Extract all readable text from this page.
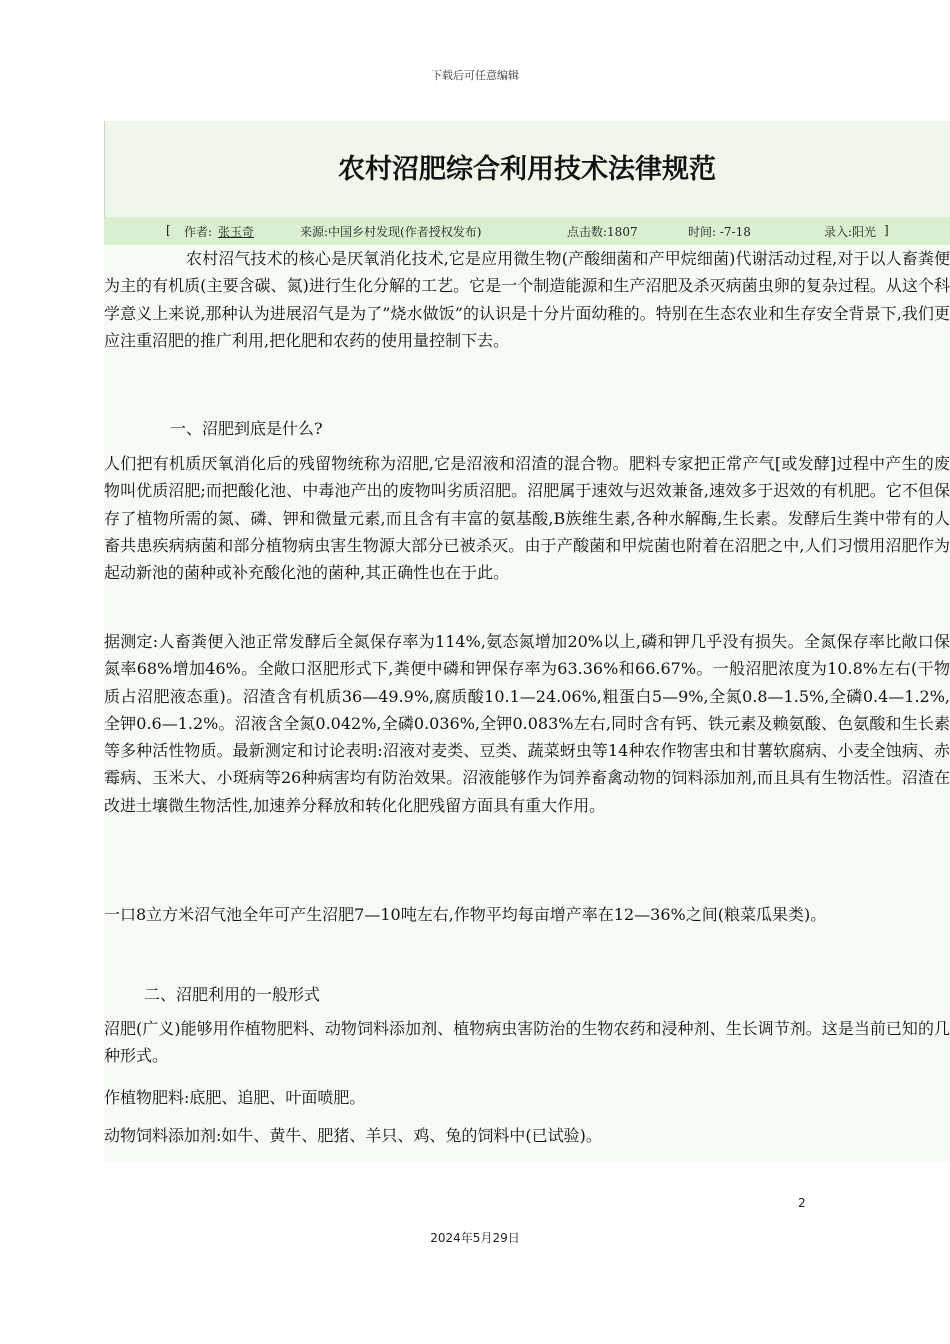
下载后可任意编辑
农村沼肥综合利用技术法律规范
[ 作者: 张玉奇	来源:中国乡村发现(作者授权发布)	点击数:1807	时间: -7-18	录入:阳光 ]

农村沼气技术的核心是厌氧消化技术,它是应用微生物(产酸细菌和产甲烷细菌)代谢活动过程,对于以人畜粪便为主的有机质(主要含碳、氮)进行生化分解的工艺。它是一个制造能源和生产沼肥及杀灭病菌虫卵的复杂过程。从这个科学意义上来说,那种认为进展沼气是为了”烧水做饭”的认识是十分片面幼稚的。特别在生态农业和生存安全背景下,我们更应注重沼肥的推广利用,把化肥和农药的使用量控制下去。

一、沼肥到底是什么?

人们把有机质厌氧消化后的残留物统称为沼肥,它是沼液和沼渣的混合物。肥料专家把正常产气[或发酵]过程中产生的废物叫优质沼肥;而把酸化池、中毒池产出的废物叫劣质沼肥。沼肥属于速效与迟效兼备,速效多于迟效的有机肥。它不但保存了植物所需的氮、磷、钾和微量元素,而且含有丰富的氨基酸,B族维生素,各种水解酶,生长素。发酵后生粪中带有的人畜共患疾病病菌和部分植物病虫害生物源大部分已被杀灭。由于产酸菌和甲烷菌也附着在沼肥之中,人们习惯用沼肥作为起动新池的菌种或补充酸化池的菌种,其正确性也在于此。

据测定:人畜粪便入池正常发酵后全氮保存率为114%,氨态氮增加20%以上,磷和钾几乎没有损失。全氮保存率比敞口保氮率68%增加46%。全敞口沤肥形式下,粪便中磷和钾保存率为63.36%和66.67%。一般沼肥浓度为10.8%左右(干物质占沼肥液态重)。沼渣含有机质36—49.9%,腐质酸10.1—24.06%,粗蛋白5—9%,全氮0.8—1.5%,全磷0.4—1.2%,全钾0.6—1.2%。沼液含全氮0.042%,全磷0.036%,全钾0.083%左右,同时含有钙、铁元素及赖氨酸、色氨酸和生长素等多种活性物质。最新测定和讨论表明:沼液对麦类、豆类、蔬菜蚜虫等14种农作物害虫和甘薯软腐病、小麦全蚀病、赤霉病、玉米大、小斑病等26种病害均有防治效果。沼液能够作为饲养畜禽动物的饲料添加剂,而且具有生物活性。沼渣在改进土壤微生物活性,加速养分释放和转化化肥残留方面具有重大作用。

一口8立方米沼气池全年可产生沼肥7—10吨左右,作物平均每亩增产率在12—36%之间(粮菜瓜果类)。

二、沼肥利用的一般形式

沼肥(广义)能够用作植物肥料、动物饲料添加剂、植物病虫害防治的生物农药和浸种剂、生长调节剂。这是当前已知的几种形式。

作植物肥料:底肥、追肥、叶面喷肥。

动物饲料添加剂:如牛、黄牛、肥猪、羊只、鸡、兔的饲料中(已试验)。

2
2024年5月29日
